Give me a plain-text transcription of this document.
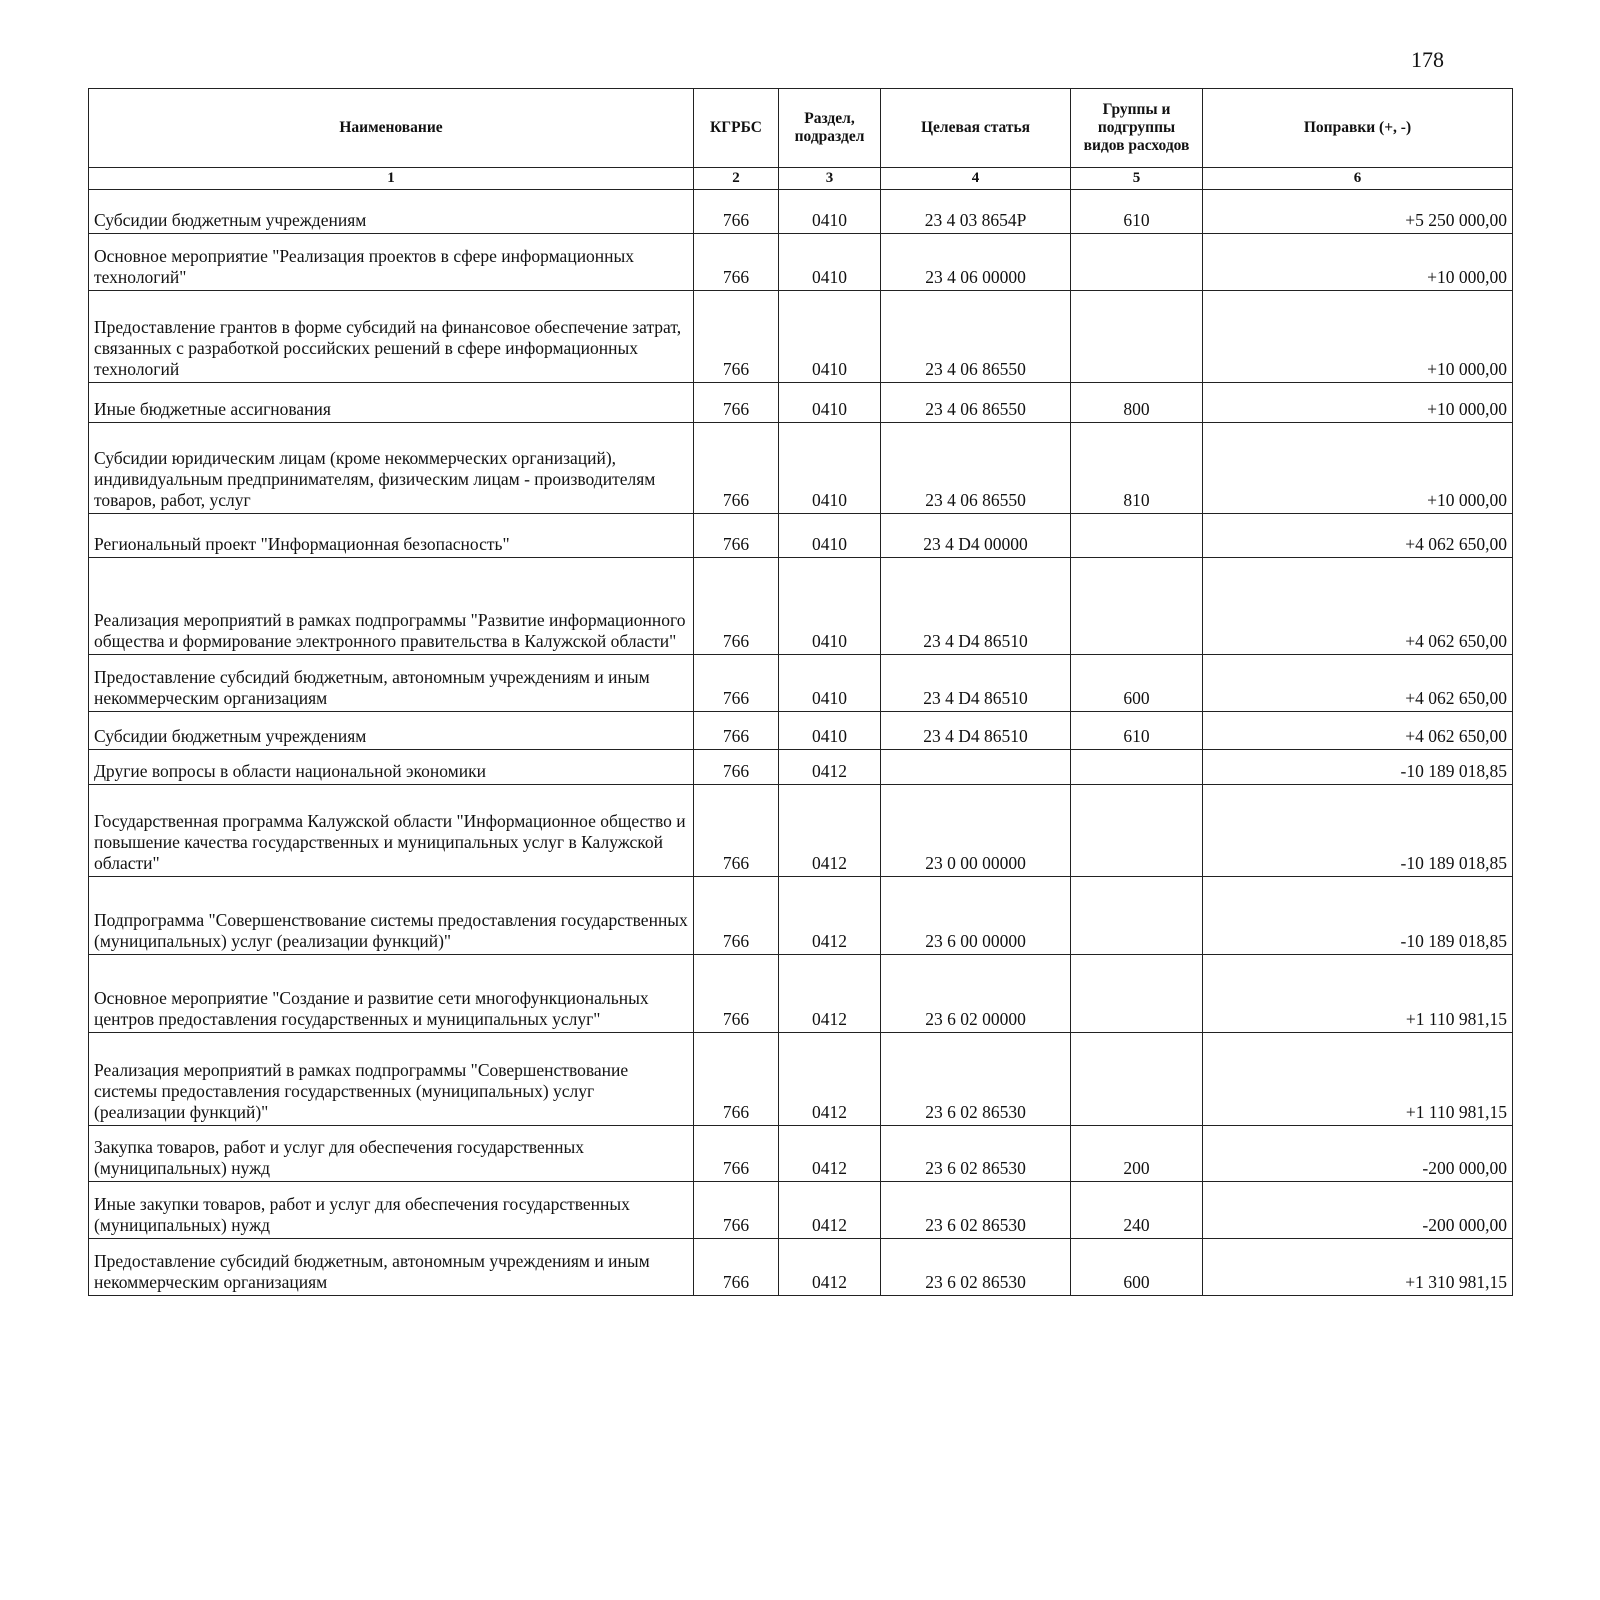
178
Наименование	КГРБС	Раздел, подраздел	Целевая статья	Группы и подгруппы видов расходов	Поправки (+, -)
1	2	3	4	5	6
Субсидии бюджетным учреждениям	766	0410	23 4 03 8654P	610	+5 250 000,00
Основное мероприятие "Реализация проектов в сфере информационных технологий"	766	0410	23 4 06 00000		+10 000,00
Предоставление грантов в форме субсидий на финансовое обеспечение затрат, связанных с разработкой российских решений в сфере информационных технологий	766	0410	23 4 06 86550		+10 000,00
Иные бюджетные ассигнования	766	0410	23 4 06 86550	800	+10 000,00
Субсидии юридическим лицам (кроме некоммерческих организаций), индивидуальным предпринимателям, физическим лицам - производителям товаров, работ, услуг	766	0410	23 4 06 86550	810	+10 000,00
Региональный проект "Информационная безопасность"	766	0410	23 4 D4 00000		+4 062 650,00
Реализация мероприятий в рамках подпрограммы "Развитие информационного общества и формирование электронного правительства в Калужской области"	766	0410	23 4 D4 86510		+4 062 650,00
Предоставление субсидий бюджетным, автономным учреждениям и иным некоммерческим организациям	766	0410	23 4 D4 86510	600	+4 062 650,00
Субсидии бюджетным учреждениям	766	0410	23 4 D4 86510	610	+4 062 650,00
Другие вопросы в области национальной экономики	766	0412			-10 189 018,85
Государственная программа Калужской области "Информационное общество и повышение качества государственных и муниципальных услуг в Калужской области"	766	0412	23 0 00 00000		-10 189 018,85
Подпрограмма "Совершенствование системы предоставления государственных (муниципальных) услуг (реализации функций)"	766	0412	23 6 00 00000		-10 189 018,85
Основное мероприятие "Создание и развитие сети многофункциональных центров предоставления государственных и муниципальных услуг"	766	0412	23 6 02 00000		+1 110 981,15
Реализация мероприятий в рамках подпрограммы "Совершенствование системы предоставления государственных (муниципальных) услуг (реализации функций)"	766	0412	23 6 02 86530		+1 110 981,15
Закупка товаров, работ и услуг для обеспечения государственных (муниципальных) нужд	766	0412	23 6 02 86530	200	-200 000,00
Иные закупки товаров, работ и услуг для обеспечения государственных (муниципальных) нужд	766	0412	23 6 02 86530	240	-200 000,00
Предоставление субсидий бюджетным, автономным учреждениям и иным некоммерческим организациям	766	0412	23 6 02 86530	600	+1 310 981,15
